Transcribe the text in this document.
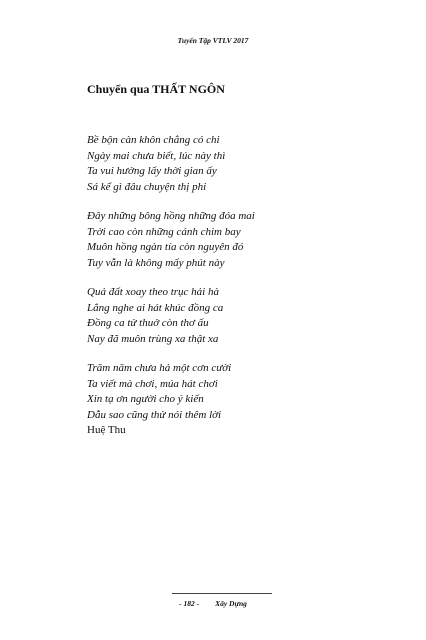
Tuyển Tập VTLV 2017
Chuyển qua THẤT NGÔN
Bề bộn càn khôn chẳng có chi
Ngày mai chưa biết, lúc này thì
Ta vui hưởng lấy thời gian ấy
Sá kể gì đâu chuyện thị phi
Đây những bông hồng những đóa mai
Trời cao còn những cánh chim bay
Muôn hồng ngàn tía còn nguyên đó
Tuy vẫn là không mấy phút này
Quả đất xoay theo trục hải hà
Lắng nghe ai hát khúc đồng ca
Đồng ca tử thuở còn thơ ấu
Nay đã muôn trùng xa thật xa
Trăm năm chưa hả một cơn cười
Ta viết mà chơi, múa hát chơi
Xin tạ ơn người cho ý kiến
Dẫu sao cũng thử nói thêm lời
Huệ Thu
- 182 - Xây Dựng
